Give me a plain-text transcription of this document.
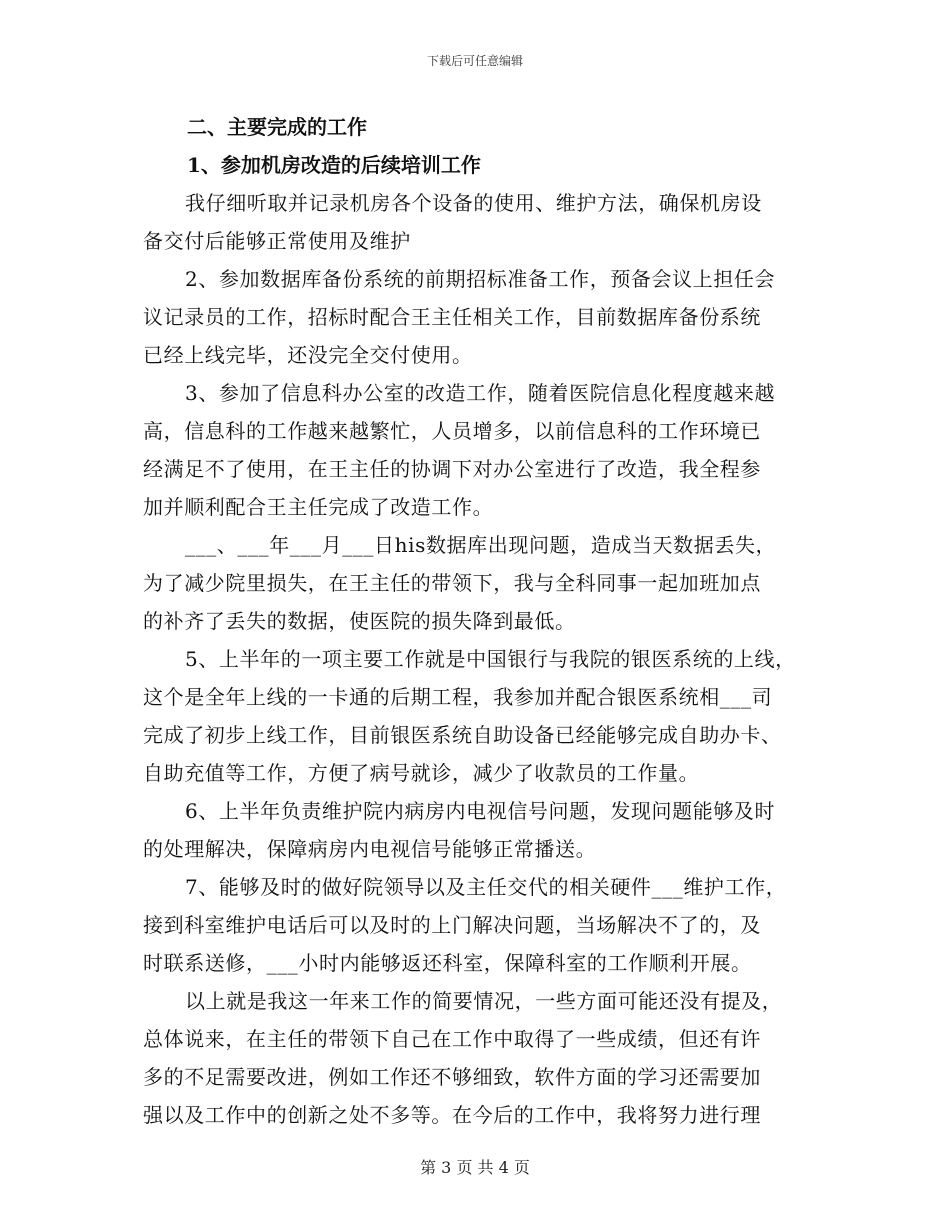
下载后可任意编辑
二、主要完成的工作
1、参加机房改造的后续培训工作
我仔细听取并记录机房各个设备的使用、维护方法，确保机房设
备交付后能够正常使用及维护
2、参加数据库备份系统的前期招标准备工作，预备会议上担任会
议记录员的工作，招标时配合王主任相关工作，目前数据库备份系统
已经上线完毕，还没完全交付使用。
3、参加了信息科办公室的改造工作，随着医院信息化程度越来越
高，信息科的工作越来越繁忙，人员增多，以前信息科的工作环境已
经满足不了使用，在王主任的协调下对办公室进行了改造，我全程参
加并顺利配合王主任完成了改造工作。
___、___年___月___日his数据库出现问题，造成当天数据丢失，
为了减少院里损失，在王主任的带领下，我与全科同事一起加班加点
的补齐了丢失的数据，使医院的损失降到最低。
5、上半年的一项主要工作就是中国银行与我院的银医系统的上线，
这个是全年上线的一卡通的后期工程，我参加并配合银医系统相___司
完成了初步上线工作，目前银医系统自助设备已经能够完成自助办卡、
自助充值等工作，方便了病号就诊，减少了收款员的工作量。
6、上半年负责维护院内病房内电视信号问题，发现问题能够及时
的处理解决，保障病房内电视信号能够正常播送。
7、能够及时的做好院领导以及主任交代的相关硬件___维护工作，
接到科室维护电话后可以及时的上门解决问题，当场解决不了的，及
时联系送修，___小时内能够返还科室，保障科室的工作顺利开展。
以上就是我这一年来工作的简要情况，一些方面可能还没有提及，
总体说来，在主任的带领下自己在工作中取得了一些成绩，但还有许
多的不足需要改进，例如工作还不够细致，软件方面的学习还需要加
强以及工作中的创新之处不多等。在今后的工作中，我将努力进行理
第 3 页 共 4 页
